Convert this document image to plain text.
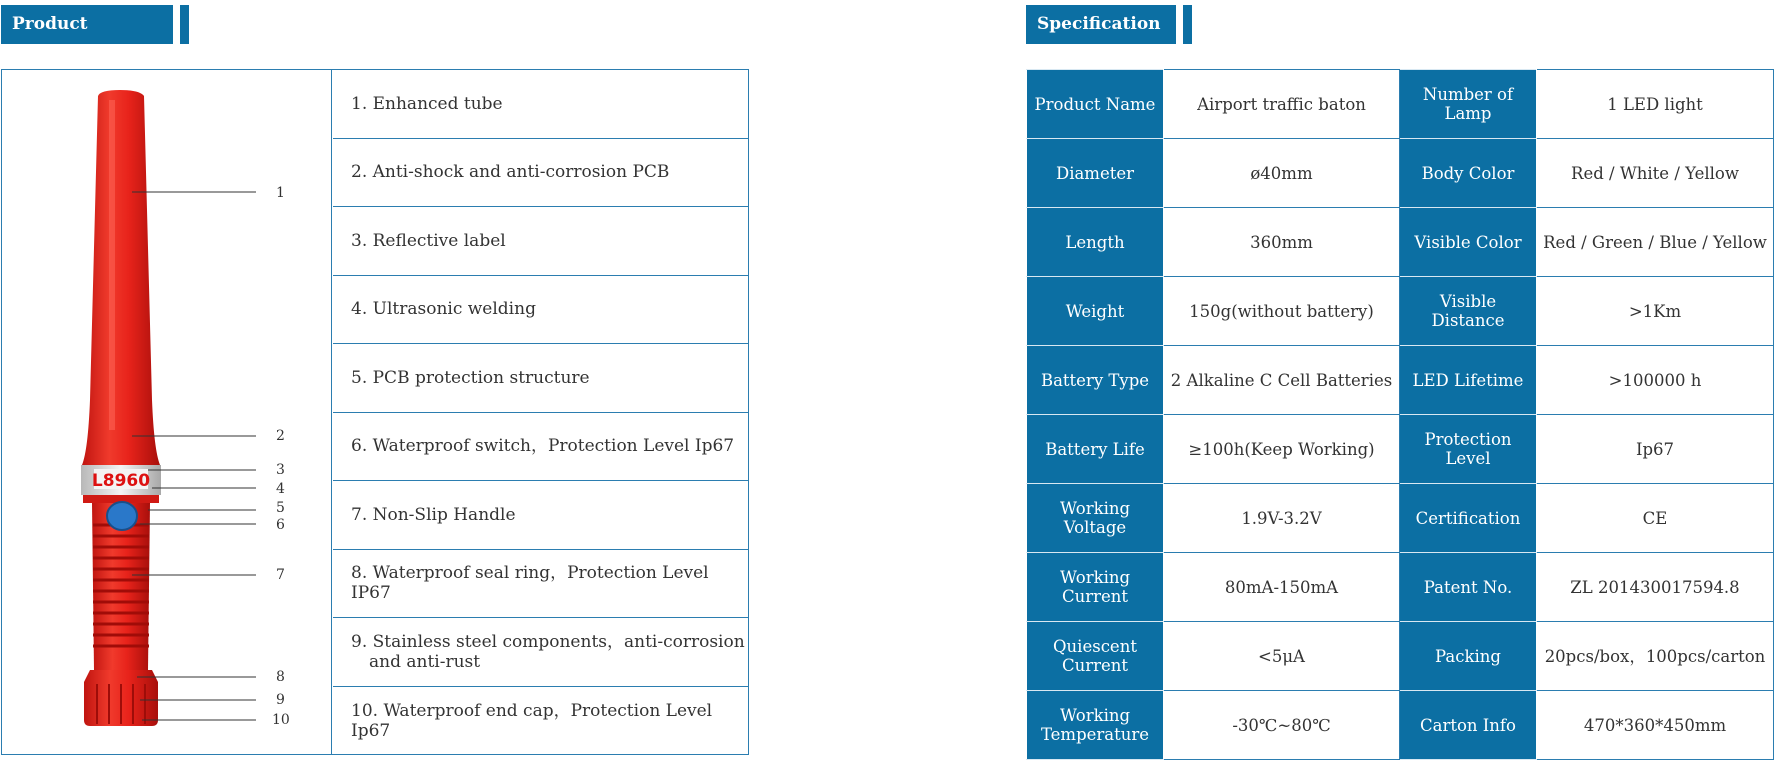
Product structure
Specification
L8960
1
2
3
4
5
6
7
8
9
10
1. Enhanced tube
2. Anti-shock and anti-corrosion PCB
3. Reflective label
4. Ultrasonic welding
5. PCB protection structure
6. Waterproof switch，Protection Level Ip67
7. Non-Slip Handle
8. Waterproof seal ring，Protection Level IP67
9. Stainless steel components，anti-corrosion
and anti-rust
10. Waterproof end cap，Protection Level Ip67
Product Name	Airport traffic baton	Number of Lamp	1 LED light
Diameter	ø40mm	Body Color	Red / White / Yellow
Length	360mm	Visible Color	Red / Green / Blue / Yellow
Weight	150g(without battery)	Visible Distance	>1Km
Battery Type	2 Alkaline C Cell Batteries	LED Lifetime	>100000 h
Battery Life	≥100h(Keep Working)	Protection Level	Ip67
Working Voltage	1.9V-3.2V	Certification	CE
Working Current	80mA-150mA	Patent No.	ZL 201430017594.8
Quiescent Current	<5μA	Packing	20pcs/box，100pcs/carton
Working Temperature	-30℃~80℃	Carton Info	470*360*450mm
